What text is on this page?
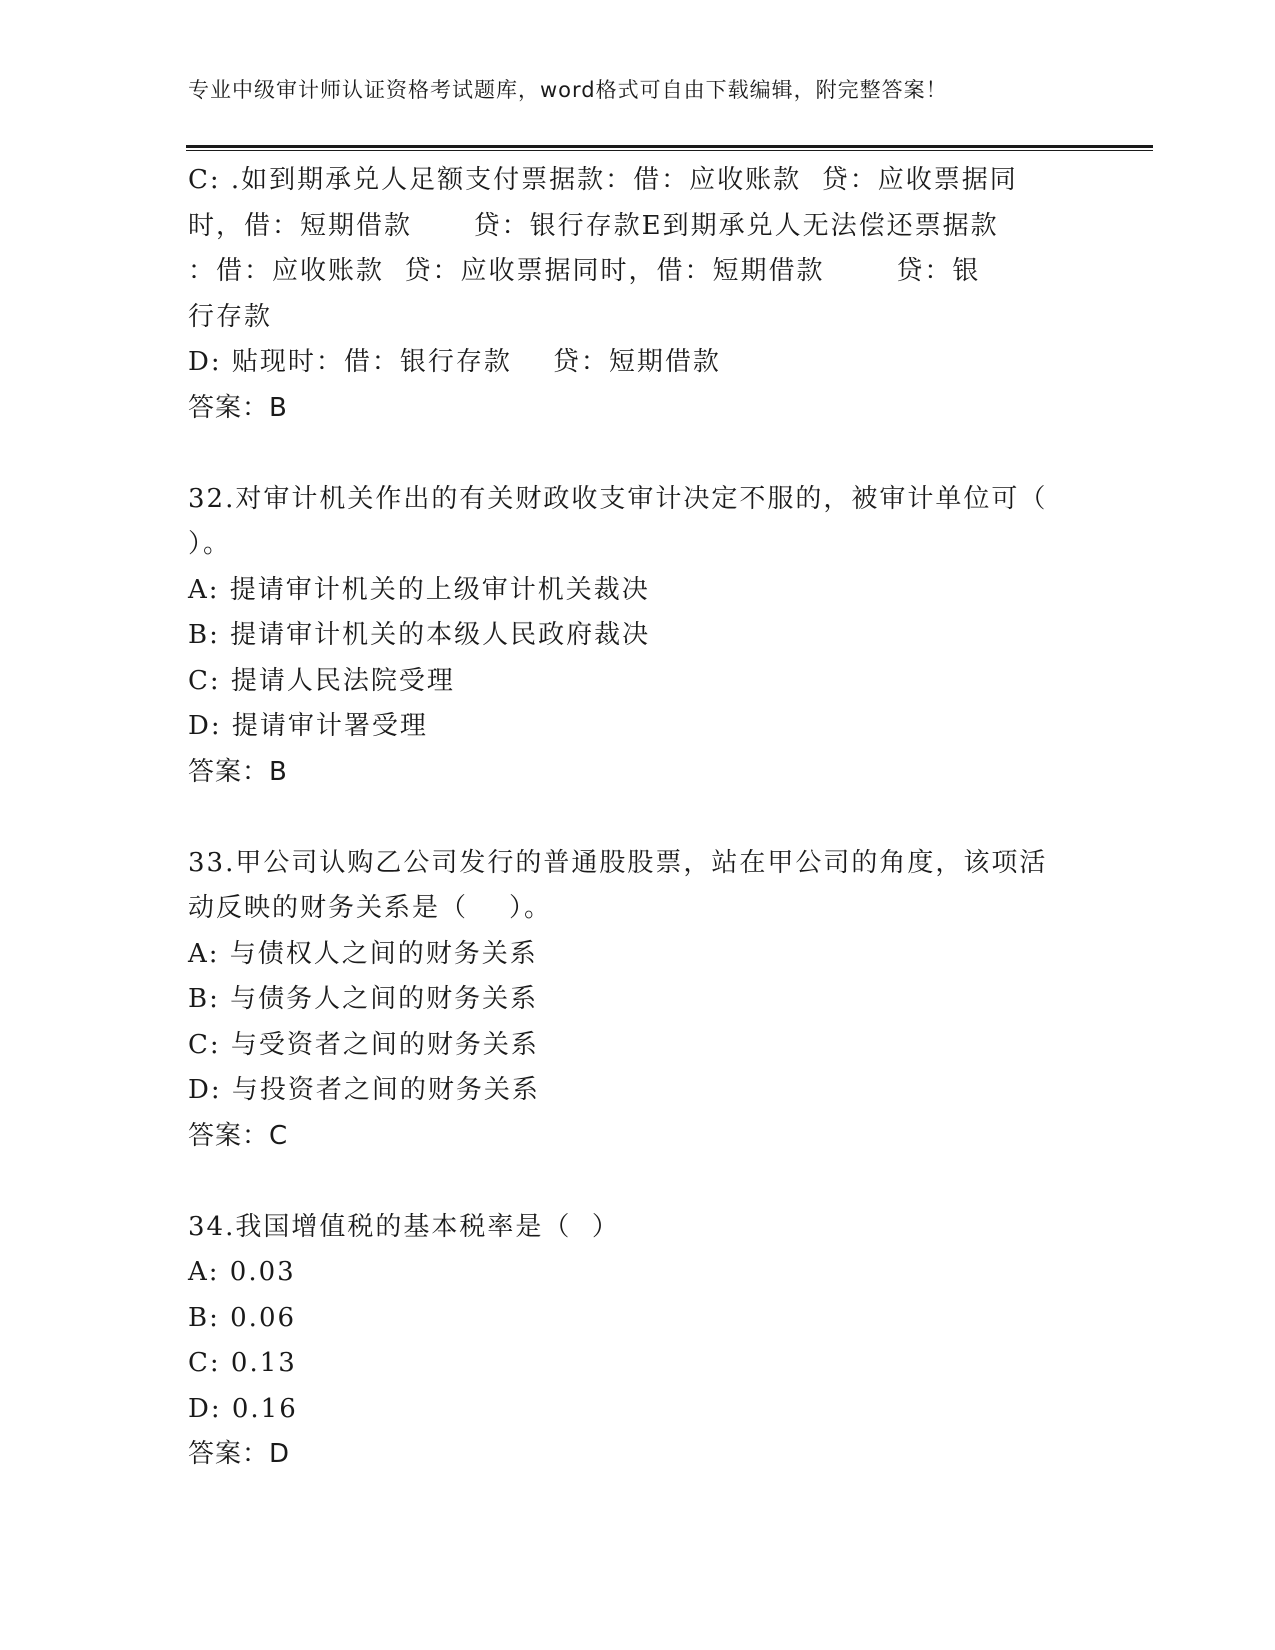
专业中级审计师认证资格考试题库，word格式可自由下载编辑，附完整答案！
C: .如到期承兑人足额支付票据款：借：应收账款  贷：应收票据同
时，借：短期借款      贷：银行存款E到期承兑人无法偿还票据款
：借：应收账款  贷：应收票据同时，借：短期借款       贷：银
行存款
D: 贴现时：借：银行存款    贷：短期借款
答案：B
32.对审计机关作出的有关财政收支审计决定不服的，被审计单位可（
）。
A: 提请审计机关的上级审计机关裁决
B: 提请审计机关的本级人民政府裁决
C: 提请人民法院受理
D: 提请审计署受理
答案：B
33.甲公司认购乙公司发行的普通股股票，站在甲公司的角度，该项活
动反映的财务关系是（    ）。
A: 与债权人之间的财务关系
B: 与债务人之间的财务关系
C: 与受资者之间的财务关系
D: 与投资者之间的财务关系
答案：C
34.我国增值税的基本税率是（  ）
A: 0.03
B: 0.06
C: 0.13
D: 0.16
答案：D
